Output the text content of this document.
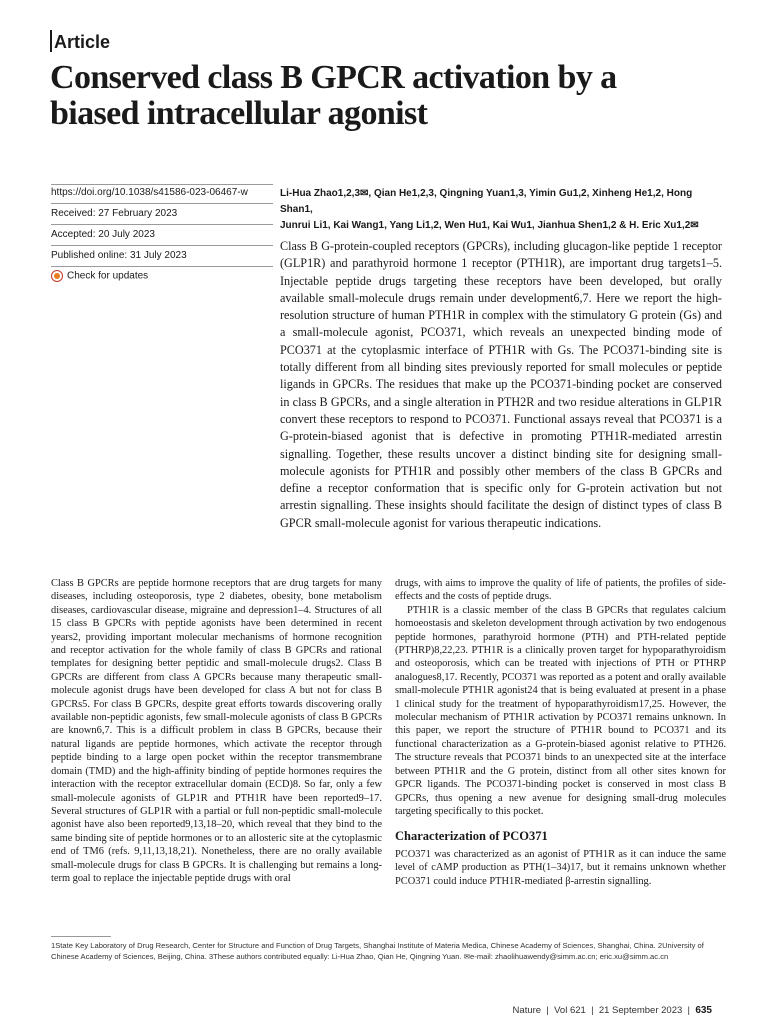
Article
Conserved class B GPCR activation by a biased intracellular agonist
https://doi.org/10.1038/s41586-023-06467-w
Received: 27 February 2023
Accepted: 20 July 2023
Published online: 31 July 2023
Check for updates
Li-Hua Zhao1,2,3✉, Qian He1,2,3, Qingning Yuan1,3, Yimin Gu1,2, Xinheng He1,2, Hong Shan1,
Junrui Li1, Kai Wang1, Yang Li1,2, Wen Hu1, Kai Wu1, Jianhua Shen1,2 & H. Eric Xu1,2✉
Class B G-protein-coupled receptors (GPCRs), including glucagon-like peptide 1 receptor (GLP1R) and parathyroid hormone 1 receptor (PTH1R), are important drug targets1–5. Injectable peptide drugs targeting these receptors have been developed, but orally available small-molecule drugs remain under development6,7. Here we report the high-resolution structure of human PTH1R in complex with the stimulatory G protein (Gs) and a small-molecule agonist, PCO371, which reveals an unexpected binding mode of PCO371 at the cytoplasmic interface of PTH1R with Gs. The PCO371-binding site is totally different from all binding sites previously reported for small molecules or peptide ligands in GPCRs. The residues that make up the PCO371-binding pocket are conserved in class B GPCRs, and a single alteration in PTH2R and two residue alterations in GLP1R convert these receptors to respond to PCO371. Functional assays reveal that PCO371 is a G-protein-biased agonist that is defective in promoting PTH1R-mediated arrestin signalling. Together, these results uncover a distinct binding site for designing small-molecule agonists for PTH1R and possibly other members of the class B GPCRs and define a receptor conformation that is specific only for G-protein activation but not arrestin signalling. These insights should facilitate the design of distinct types of class B GPCR small-molecule agonist for various therapeutic indications.

Class B GPCRs are peptide hormone receptors that are drug targets for many diseases, including osteoporosis, type 2 diabetes, obesity, bone metabolism diseases, cardiovascular disease, migraine and depression1–4. Structures of all 15 class B GPCRs with peptide agonists have been determined in recent years2, providing important molecular mechanisms of hormone recognition and receptor activation for the whole family of class B GPCRs and rational templates for designing better peptidic and small-molecule drugs2. Class B GPCRs are different from class A GPCRs because many therapeutic small-molecule agonist drugs have been developed for class A but not for class B GPCRs5. For class B GPCRs, despite great efforts towards discovering orally available non-peptidic agonists, few small-molecule agonists of class B GPCRs are known6,7. This is a difficult problem in class B GPCRs, because their natural ligands are peptide hormones, which activate the receptor through peptide binding to a large open pocket within the receptor transmembrane domain (TMD) and the high-affinity binding of peptide hormones requires the interaction with the receptor extracellular domain (ECD)8. So far, only a few small-molecule agonists of GLP1R and PTH1R have been reported9–17. Several structures of GLP1R with a partial or full non-peptidic small-molecule agonist have also been reported9,13,18–20, which reveal that they bind to the same binding site of peptide hormones or to an allosteric site at the cytoplasmic end of TM6 (refs. 9,11,13,18,21). Nonetheless, there are no orally available small-molecule drugs for class B GPCRs. It is challenging but remains a long-term goal to replace the injectable peptide drugs with oral

drugs, with aims to improve the quality of life of patients, the profiles of side-effects and the costs of peptide drugs.

PTH1R is a classic member of the class B GPCRs that regulates calcium homoeostasis and skeleton development through activation by two endogenous peptide hormones, parathyroid hormone (PTH) and PTH-related peptide (PTHRP)8,22,23. PTH1R is a clinically proven target for hypoparathyroidism and osteoporosis, which can be treated with injections of PTH or PTHRP analogues8,17. Recently, PCO371 was reported as a potent and orally available small-molecule PTH1R agonist24 that is being evaluated at present in a phase 1 clinical study for the treatment of hypoparathyroidism17,25. However, the molecular mechanism of PTH1R activation by PCO371 remains unknown. In this paper, we report the structure of PTH1R bound to PCO371 and its functional characterization as a G-protein-biased agonist relative to PTH26. The structure reveals that PCO371 binds to an unexpected site at the interface between PTH1R and the G protein, distinct from all other sites known for GPCR ligands. The PCO371-binding pocket is conserved in most class B GPCRs, thus opening a new avenue for designing small-drug molecules targeting specifically to this pocket.

Characterization of PCO371

PCO371 was characterized as an agonist of PTH1R as it can induce the same level of cAMP production as PTH(1–34)17, but it remains unknown whether PCO371 could induce PTH1R-mediated β-arrestin signalling.

1State Key Laboratory of Drug Research, Center for Structure and Function of Drug Targets, Shanghai Institute of Materia Medica, Chinese Academy of Sciences, Shanghai, China. 2University of Chinese Academy of Sciences, Beijing, China. 3These authors contributed equally: Li-Hua Zhao, Qian He, Qingning Yuan. ✉e-mail: zhaolihuawendy@simm.ac.cn; eric.xu@simm.ac.cn
Nature  |  Vol 621  |  21 September 2023  |  635
